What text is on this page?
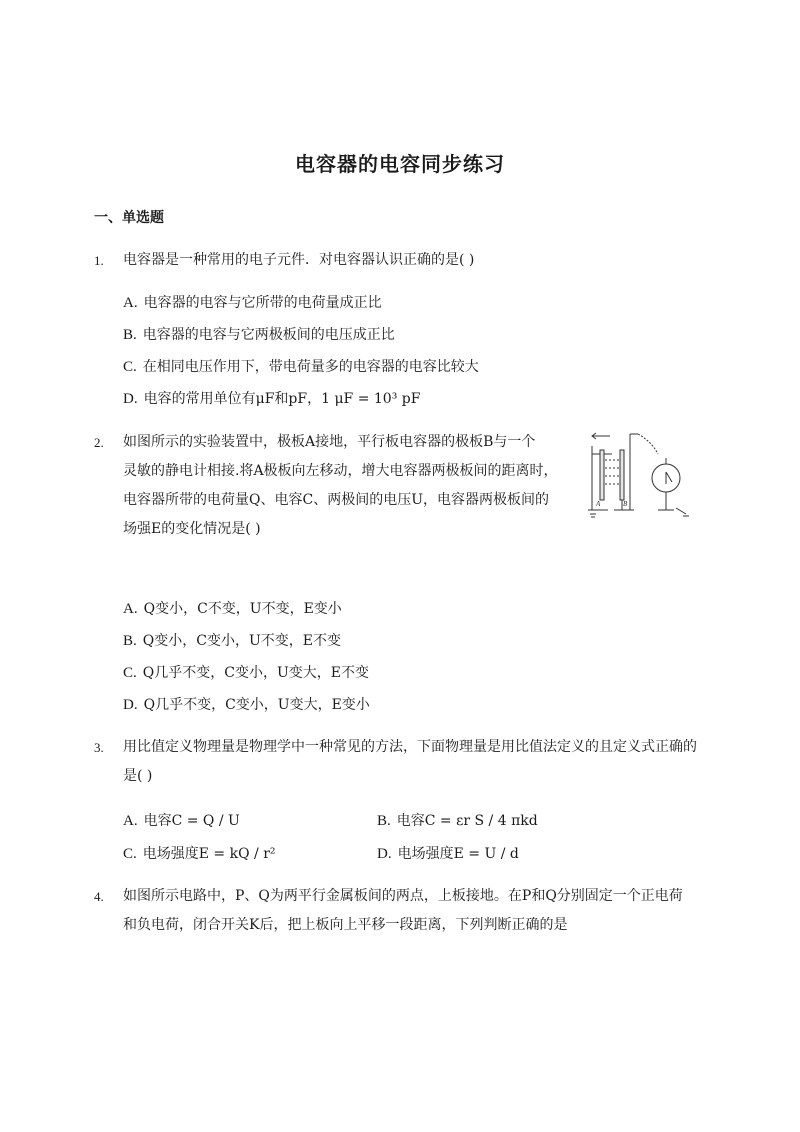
电容器的电容同步练习
一、单选题
1. 电容器是一种常用的电子元件．对电容器认识正确的是( )
A. 电容器的电容与它所带的电荷量成正比
B. 电容器的电容与它两极板间的电压成正比
C. 在相同电压作用下，带电荷量多的电容器的电容比较大
D. 电容的常用单位有μF和pF，1 μF = 10³ pF
2. 如图所示的实验装置中，极板A接地，平行板电容器的极板B与一个
灵敏的静电计相接.将A极板向左移动，增大电容器两极板间的距离时，
电容器所带的电荷量Q、电容C、两极间的电压U，电容器两极板间的
场强E的变化情况是( )
A	B
A. Q变小，C不变，U不变，E变小
B. Q变小，C变小，U不变，E不变
C. Q几乎不变，C变小，U变大，E不变
D. Q几乎不变，C变小，U变大，E变小
3. 用比值定义物理量是物理学中一种常见的方法，下面物理量是用比值法定义的且定义式正确的
是( )
A. 电容C = Q / U	B. 电容C = εr S / 4 πkd
C. 电场强度E = kQ / r²	D. 电场强度E = U / d
4. 如图所示电路中，P、Q为两平行金属板间的两点，上板接地。在P和Q分别固定一个正电荷
和负电荷，闭合开关K后，把上板向上平移一段距离，下列判断正确的是
